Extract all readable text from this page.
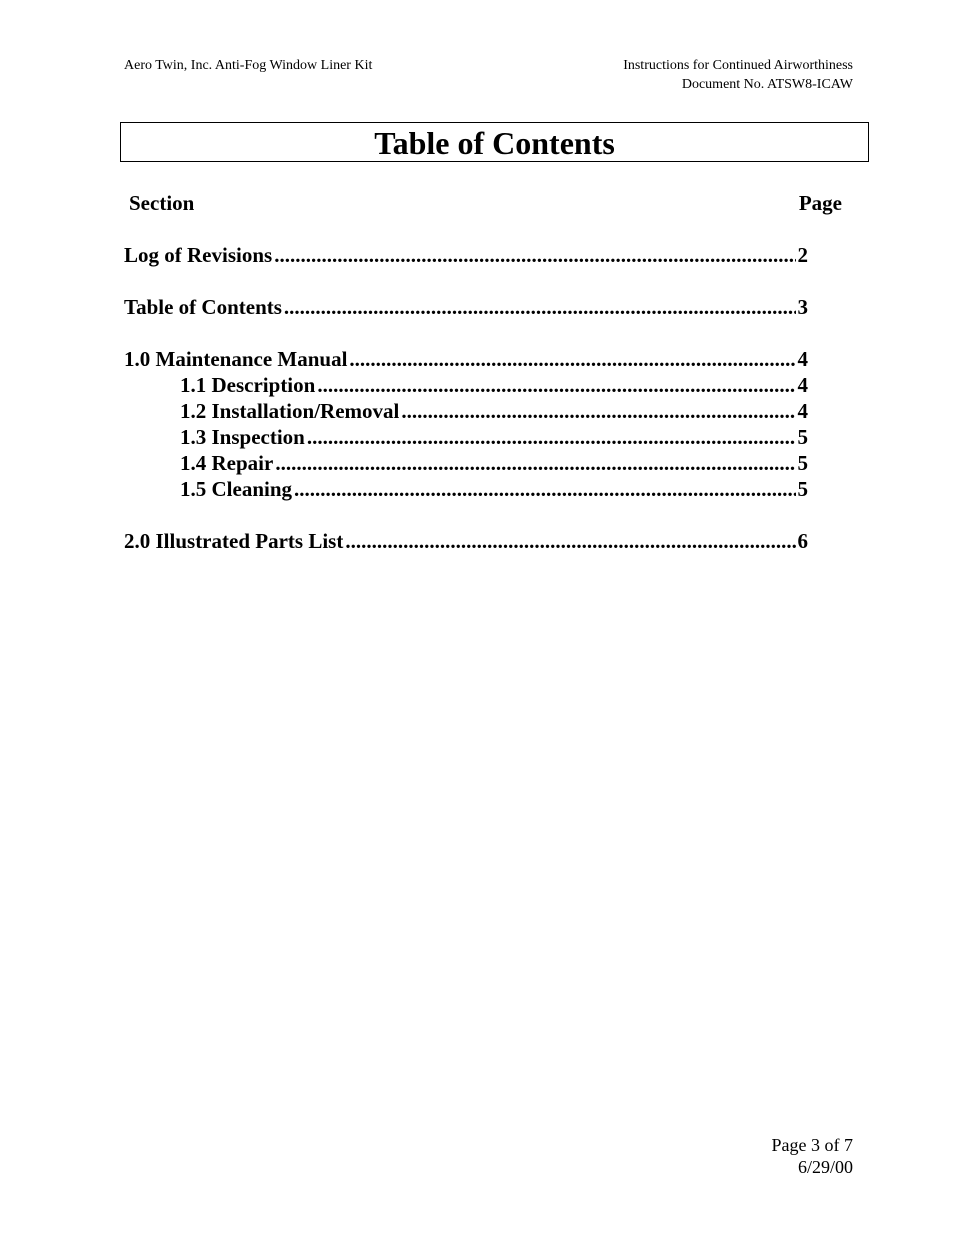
Aero Twin, Inc. Anti-Fog Window Liner Kit	Instructions for Continued Airworthiness
Document No. ATSW8-ICAW
Table of Contents
Section	Page
Log of Revisions .....	2
Table of Contents .....	3
1.0 Maintenance Manual .....	4
1.1 Description .....	4
1.2 Installation/Removal .....	4
1.3 Inspection .....	5
1.4 Repair .....	5
1.5 Cleaning .....	5
2.0 Illustrated Parts List .....	6
Page 3 of 7
6/29/00
